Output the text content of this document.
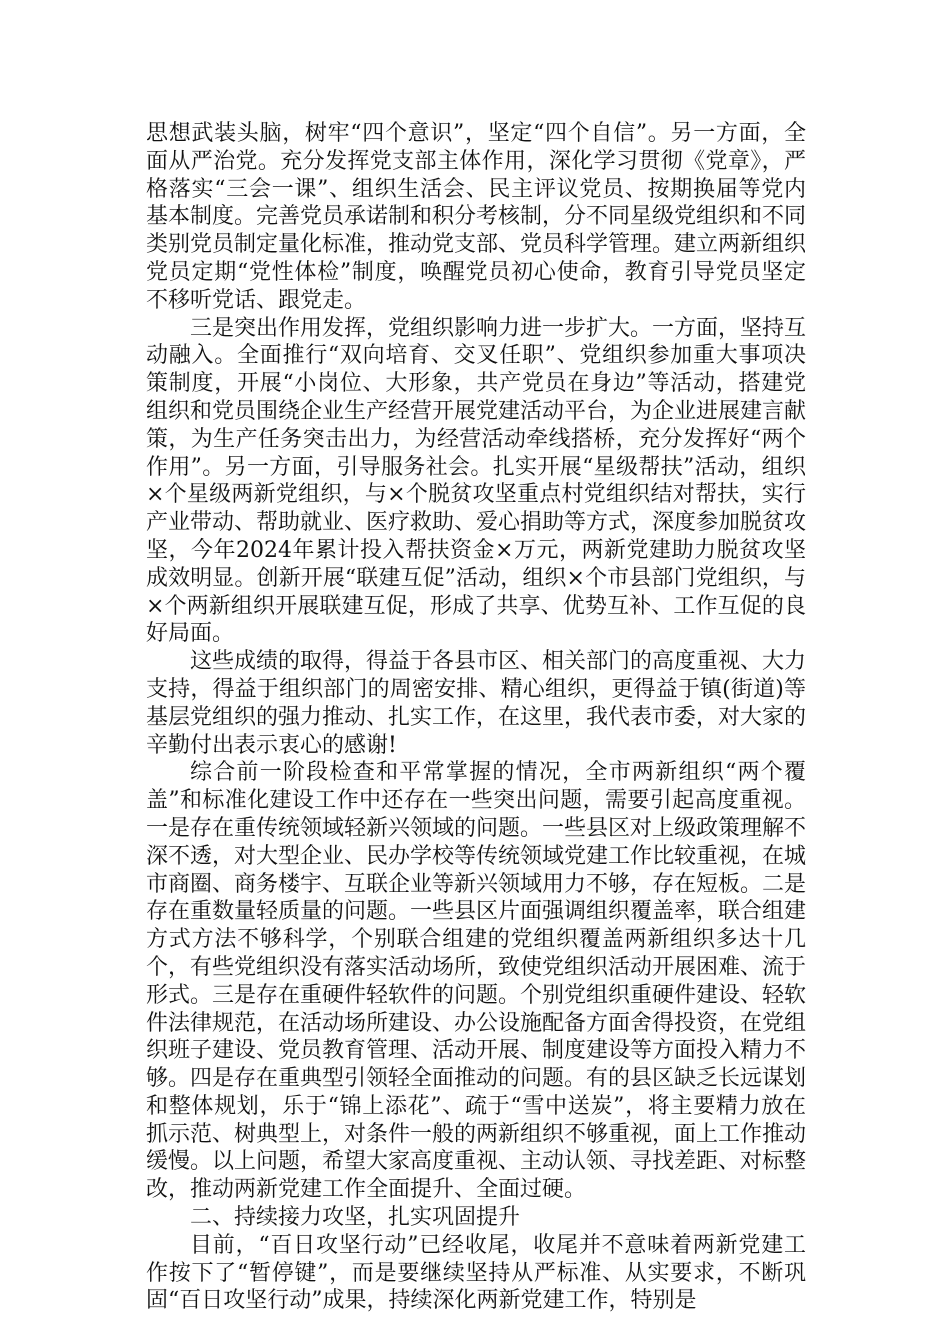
思想武装头脑，树牢“四个意识”，坚定“四个自信”。另一方面，全面从严治党。充分发挥党支部主体作用，深化学习贯彻《党章》，严格落实“三会一课”、组织生活会、民主评议党员、按期换届等党内基本制度。完善党员承诺制和积分考核制，分不同星级党组织和不同类别党员制定量化标准，推动党支部、党员科学管理。建立两新组织党员定期“党性体检”制度，唤醒党员初心使命，教育引导党员坚定不移听党话、跟党走。

三是突出作用发挥，党组织影响力进一步扩大。一方面，坚持互动融入。全面推行“双向培育、交叉任职”、党组织参加重大事项决策制度，开展“小岗位、大形象，共产党员在身边”等活动，搭建党组织和党员围绕企业生产经营开展党建活动平台，为企业进展建言献策，为生产任务突击出力，为经营活动牵线搭桥，充分发挥好“两个作用”。另一方面，引导服务社会。扎实开展“星级帮扶”活动，组织×个星级两新党组织，与×个脱贫攻坚重点村党组织结对帮扶，实行产业带动、帮助就业、医疗救助、爱心捐助等方式，深度参加脱贫攻坚，今年2024年累计投入帮扶资金×万元，两新党建助力脱贫攻坚成效明显。创新开展“联建互促”活动，组织×个市县部门党组织，与×个两新组织开展联建互促，形成了共享、优势互补、工作互促的良好局面。

这些成绩的取得，得益于各县市区、相关部门的高度重视、大力支持，得益于组织部门的周密安排、精心组织，更得益于镇(街道)等基层党组织的强力推动、扎实工作，在这里，我代表市委，对大家的辛勤付出表示衷心的感谢!

综合前一阶段检查和平常掌握的情况，全市两新组织“两个覆盖”和标准化建设工作中还存在一些突出问题，需要引起高度重视。一是存在重传统领域轻新兴领域的问题。一些县区对上级政策理解不深不透，对大型企业、民办学校等传统领域党建工作比较重视，在城市商圈、商务楼宇、互联企业等新兴领域用力不够，存在短板。二是存在重数量轻质量的问题。一些县区片面强调组织覆盖率，联合组建方式方法不够科学，个别联合组建的党组织覆盖两新组织多达十几个，有些党组织没有落实活动场所，致使党组织活动开展困难、流于形式。三是存在重硬件轻软件的问题。个别党组织重硬件建设、轻软件法律规范，在活动场所建设、办公设施配备方面舍得投资，在党组织班子建设、党员教育管理、活动开展、制度建设等方面投入精力不够。四是存在重典型引领轻全面推动的问题。有的县区缺乏长远谋划和整体规划，乐于“锦上添花”、疏于“雪中送炭”，将主要精力放在抓示范、树典型上，对条件一般的两新组织不够重视，面上工作推动缓慢。以上问题，希望大家高度重视、主动认领、寻找差距、对标整改，推动两新党建工作全面提升、全面过硬。

二、持续接力攻坚，扎实巩固提升

目前，“百日攻坚行动”已经收尾，收尾并不意味着两新党建工作按下了“暂停键”，而是要继续坚持从严标准、从实要求，不断巩固“百日攻坚行动”成果，持续深化两新党建工作，特别是
